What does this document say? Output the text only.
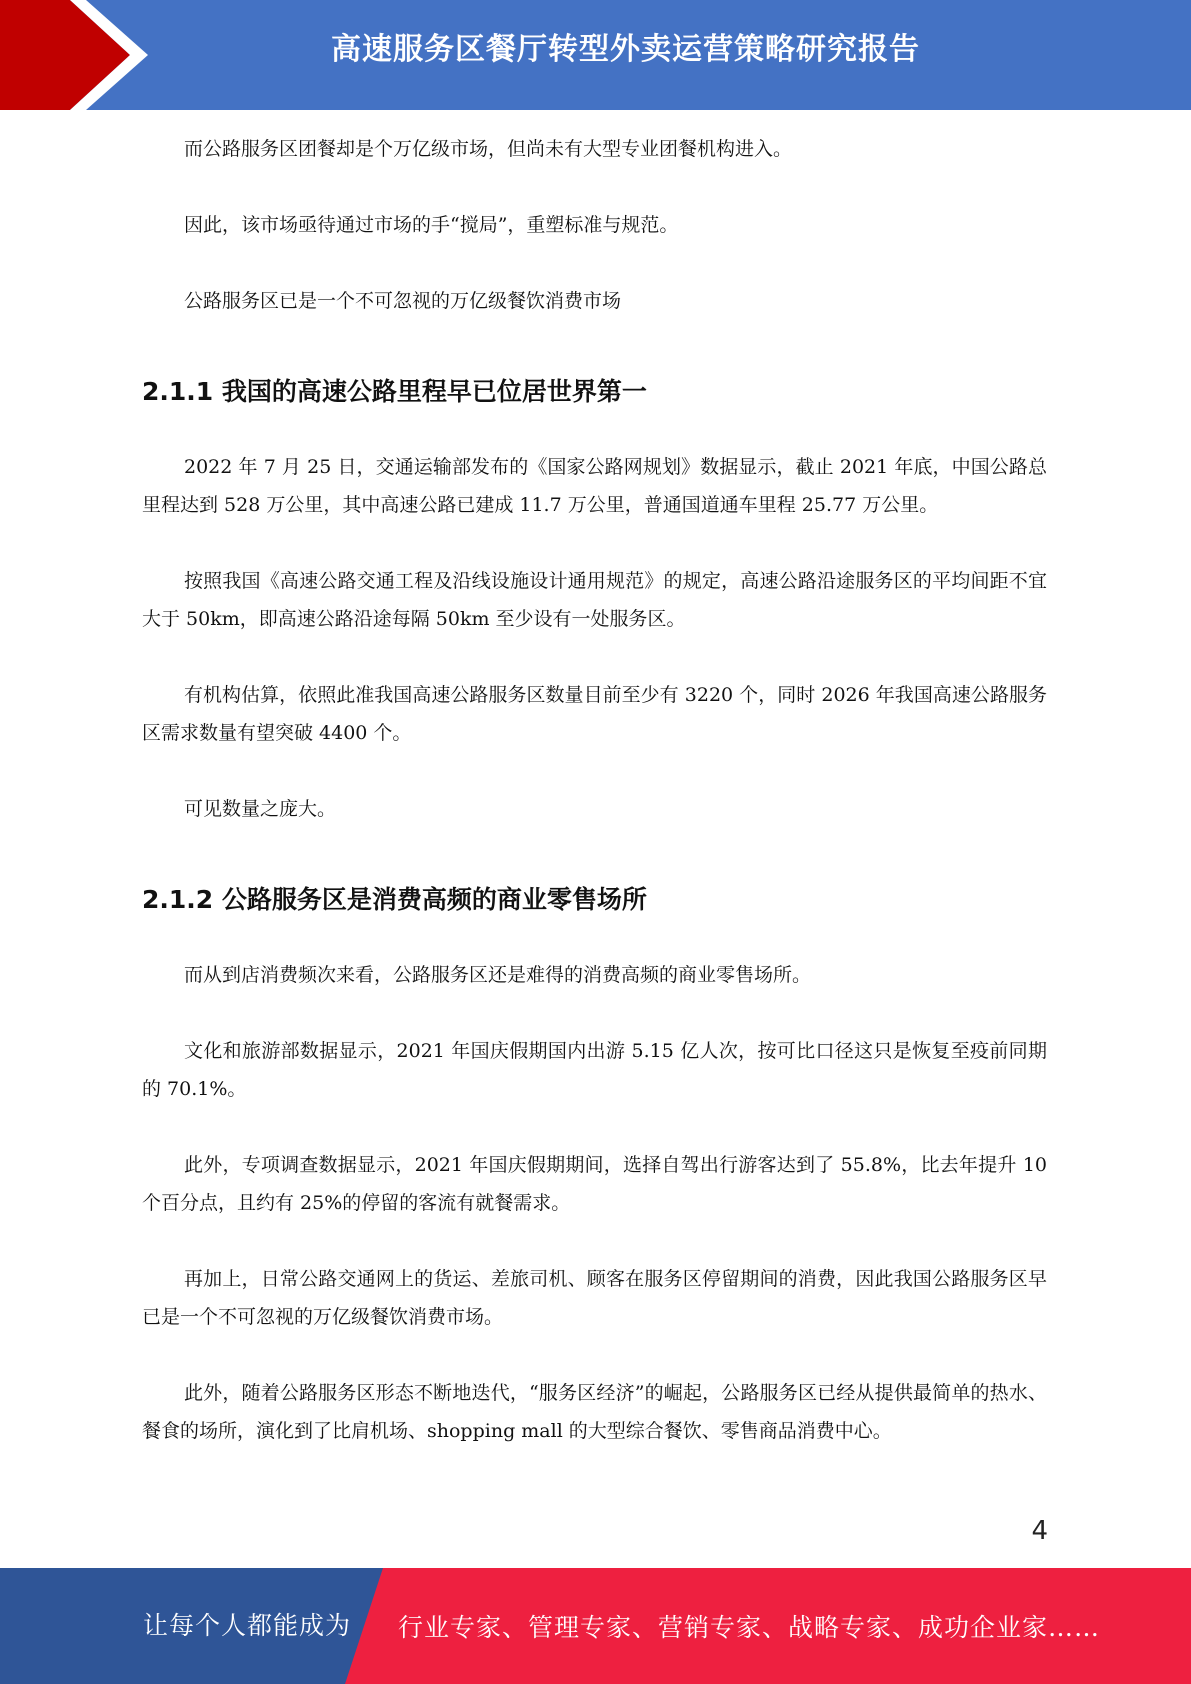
高速服务区餐厅转型外卖运营策略研究报告

而公路服务区团餐却是个万亿级市场，但尚未有大型专业团餐机构进入。

因此，该市场亟待通过市场的手“搅局”，重塑标准与规范。

公路服务区已是一个不可忽视的万亿级餐饮消费市场

2.1.1 我国的高速公路里程早已位居世界第一

2022 年 7 月 25 日，交通运输部发布的《国家公路网规划》数据显示，截止 2021 年底，中国公路总里程达到 528 万公里，其中高速公路已建成 11.7 万公里，普通国道通车里程 25.77 万公里。

按照我国《高速公路交通工程及沿线设施设计通用规范》的规定，高速公路沿途服务区的平均间距不宜大于 50km，即高速公路沿途每隔 50km 至少设有一处服务区。

有机构估算，依照此准我国高速公路服务区数量目前至少有 3220 个，同时 2026 年我国高速公路服务区需求数量有望突破 4400 个。

可见数量之庞大。

2.1.2 公路服务区是消费高频的商业零售场所

而从到店消费频次来看，公路服务区还是难得的消费高频的商业零售场所。

文化和旅游部数据显示，2021 年国庆假期国内出游 5.15 亿人次，按可比口径这只是恢复至疫前同期的 70.1%。

此外，专项调查数据显示，2021 年国庆假期期间，选择自驾出行游客达到了 55.8%，比去年提升 10 个百分点，且约有 25%的停留的客流有就餐需求。

再加上，日常公路交通网上的货运、差旅司机、顾客在服务区停留期间的消费，因此我国公路服务区早已是一个不可忽视的万亿级餐饮消费市场。

此外，随着公路服务区形态不断地迭代，“服务区经济”的崛起，公路服务区已经从提供最简单的热水、餐食的场所，演化到了比肩机场、shopping mall 的大型综合餐饮、零售商品消费中心。

4
让每个人都能成为 行业专家、管理专家、营销专家、战略专家、成功企业家……
